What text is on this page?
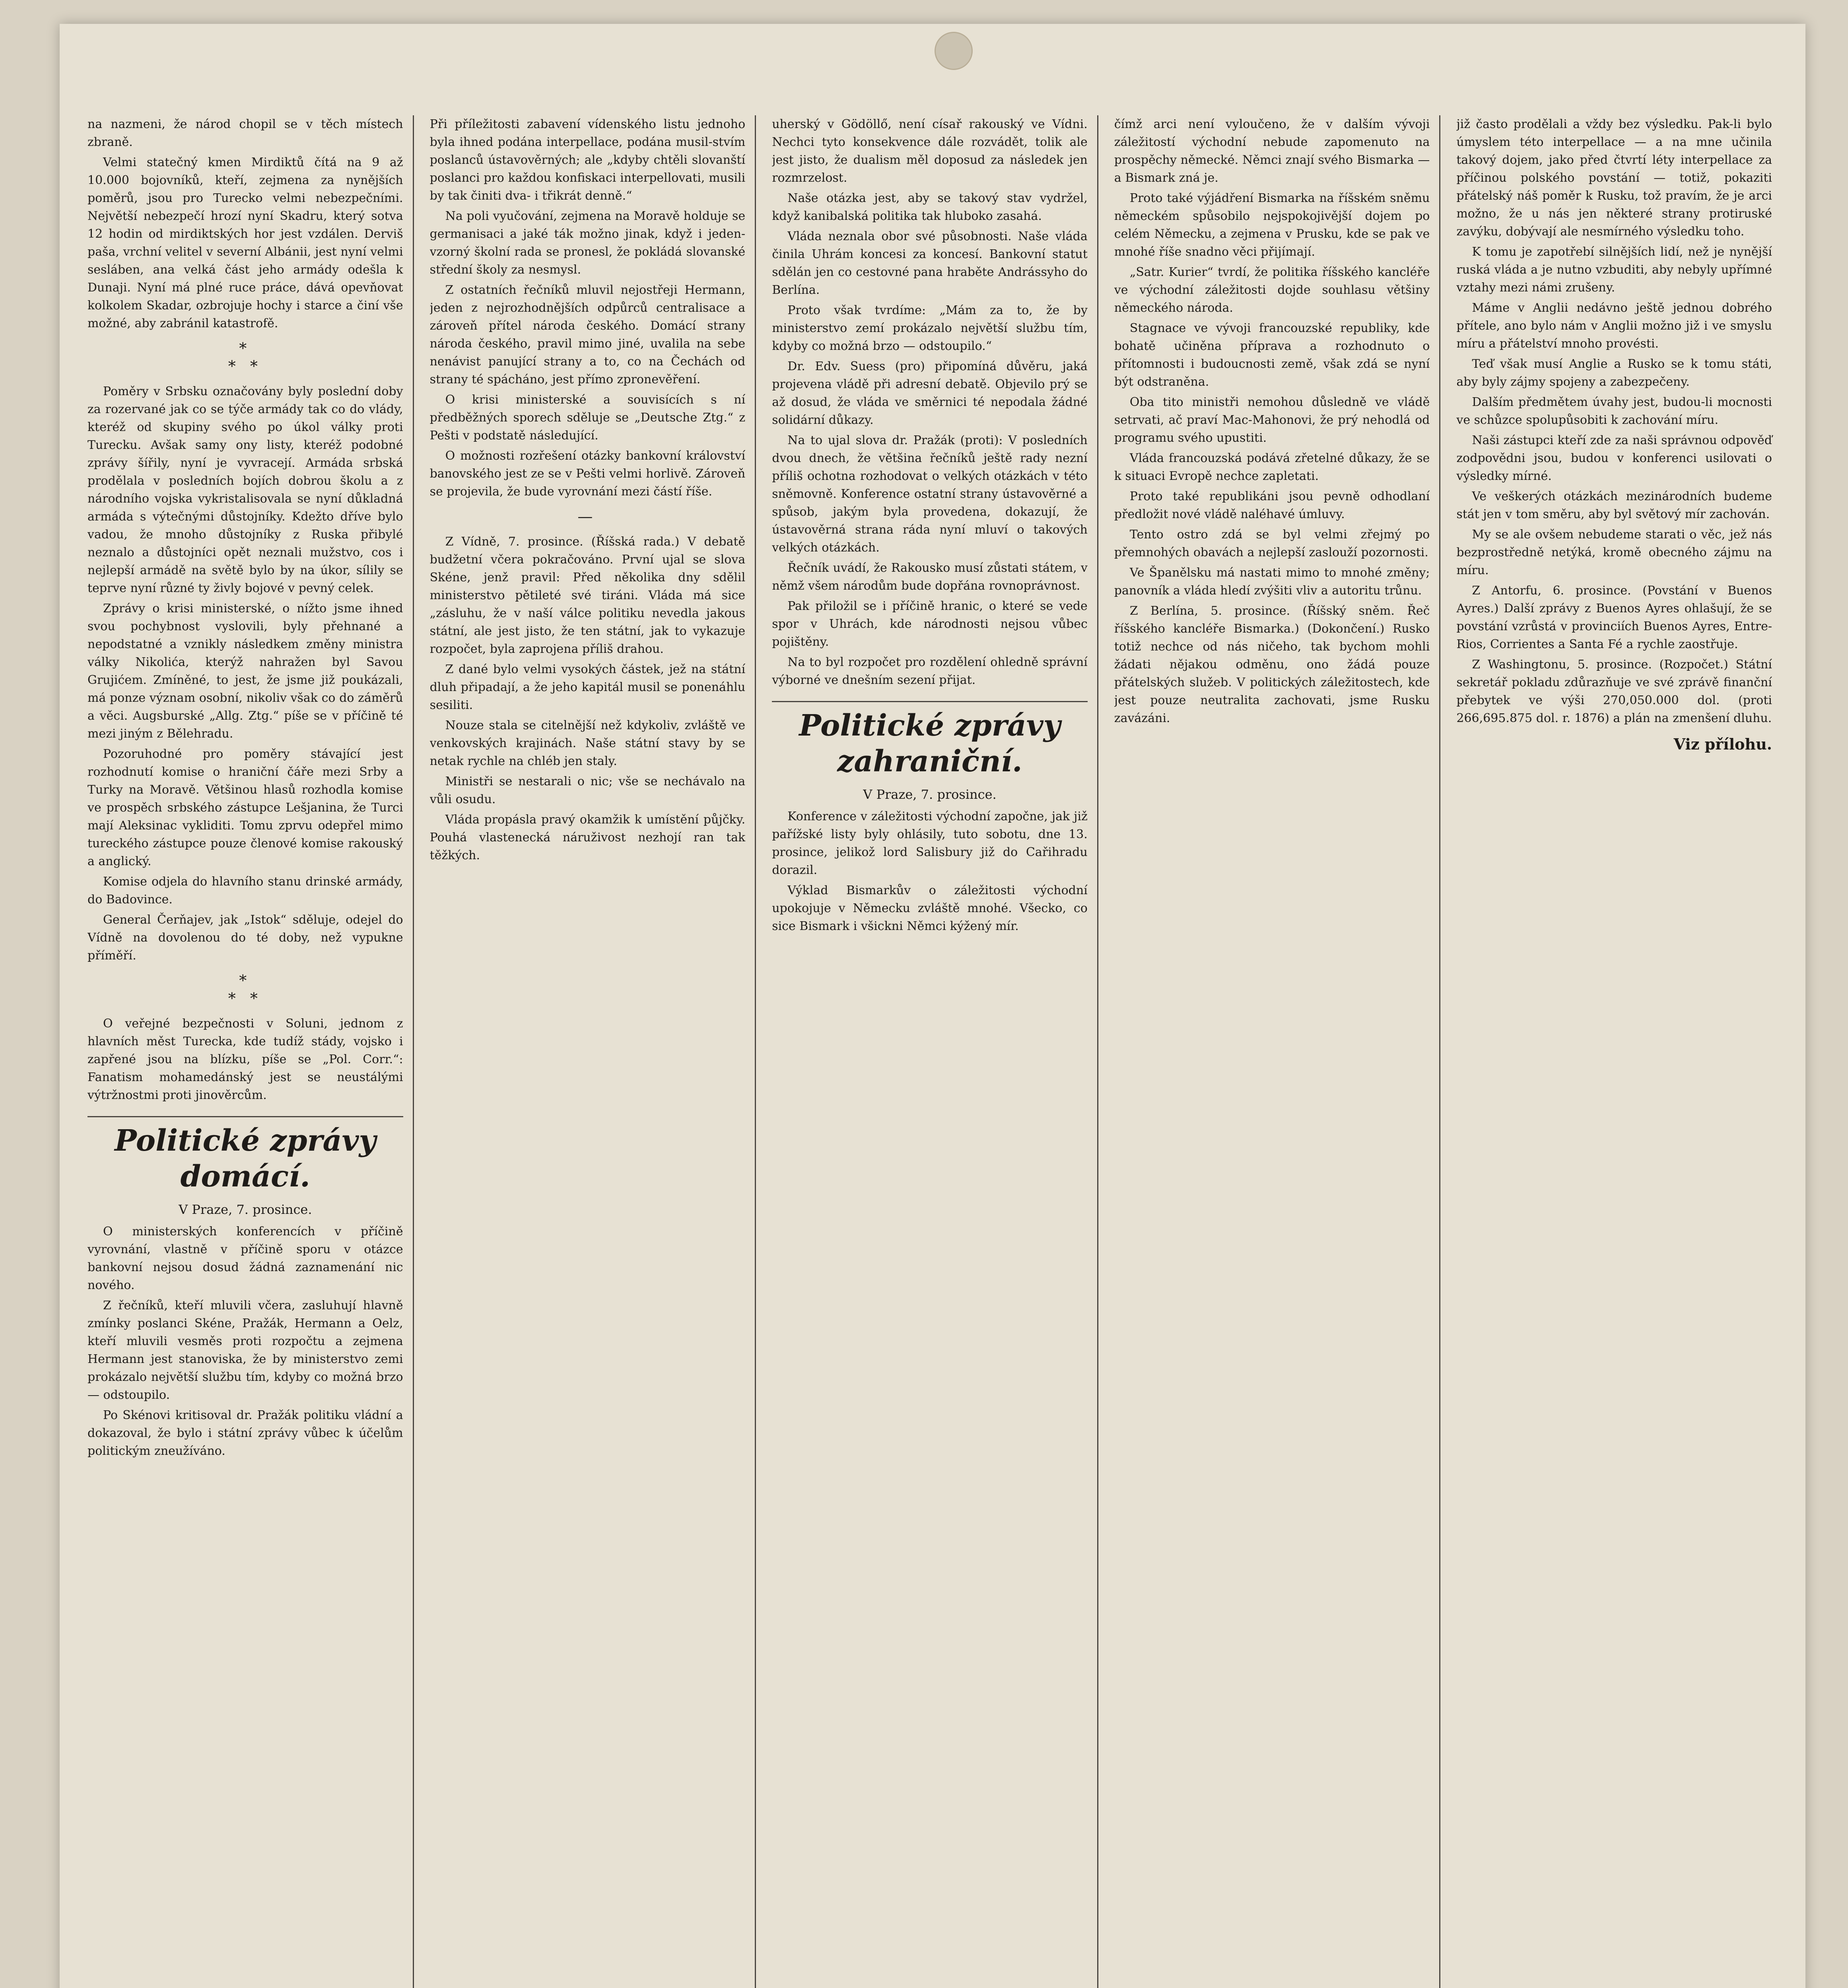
na nazmeni, že národ chopil se v těch místech zbraně.

Velmi statečný kmen Mirdiktů čítá na 9 až 10.000 bojovníků, kteří, zejmena za nynějších poměrů, jsou pro Turecko velmi nebezpečními. Největší nebezpečí hrozí nyní Skadru, který sotva 12 hodin od mirdiktských hor jest vzdálen. Derviš paša, vrchní velitel v severní Albánii, jest nyní velmi sesláben, ana velká část jeho armády odešla k Dunaji. Nyní má plné ruce práce, dává opevňovat kolkolem Skadar, ozbrojuje hochy i starce a činí vše možné, aby zabránil katastrofě.

*
* *

Poměry v Srbsku označovány byly poslední doby za rozervané jak co se týče armády tak co do vlády, kteréž od skupiny svého po úkol války proti Turecku. Avšak samy ony listy, kteréž podobné zprávy šířily, nyní je vyvracejí. Armáda srbská prodělala v posledních bojích dobrou školu a z národního vojska vykristalisovala se nyní důkladná armáda s výtečnými důstojníky. Kdežto dříve bylo vadou, že mnoho důstojníky z Ruska přibylé neznalo a důstojníci opět neznali mužstvo, cos i nejlepší armádě na světě bylo by na úkor, sílily se teprve nyní různé ty živly bojové v pevný celek.

Zprávy o krisi ministerské, o nížto jsme ihned svou pochybnost vyslovili, byly přehnané a nepodstatné a vznikly následkem změny ministra války Nikolića, kterýž nahražen byl Savou Grujićem. Zmíněné, to jest, že jsme již poukázali, má ponze význam osobní, nikoliv však co do záměrů a věci. Augsburské „Allg. Ztg.“ píše se v příčině té mezi jiným z Bělehradu.

Pozoruhodné pro poměry stávající jest rozhodnutí komise o hraniční čáře mezi Srby a Turky na Moravě. Většinou hlasů rozhodla komise ve prospěch srbského zástupce Lešjanina, že Turci mají Aleksinac vykliditi. Tomu zprvu odepřel mimo tureckého zástupce pouze členové komise rakouský a anglický.

Komise odjela do hlavního stanu drinské armády, do Badovince.

General Čerňajev, jak „Istok“ sděluje, odejel do Vídně na dovolenou do té doby, než vypukne příměří.

*
* *

O veřejné bezpečnosti v Soluni, jednom z hlavních měst Turecka, kde tudíž stády, vojsko i zapřené jsou na blízku, píše se „Pol. Corr.“: Fanatism mohamedánský jest se neustálými výtržnostmi proti jinověrcům.

Politické zprávy domácí.
V Praze, 7. prosince.

O ministerských konferencích v příčině vyrovnání, vlastně v příčině sporu v otázce bankovní nejsou dosud žádná zaznamenání nic nového.

Z řečníků, kteří mluvili včera, zasluhují hlavně zmínky poslanci Skéne, Pražák, Hermann a Oelz, kteří mluvili vesměs proti rozpočtu a zejmena Hermann jest stanoviska, že by ministerstvo zemi prokázalo největší službu tím, kdyby co možná brzo — odstoupilo.

Po Skénovi kritisoval dr. Pražák politiku vládní a dokazoval, že bylo i státní zprávy vůbec k účelům politickým zneužíváno.

Při příležitosti zabavení vídenského listu jednoho byla ihned podána interpellace, podána musil-stvím poslanců ústavověrných; ale „kdyby chtěli slovanští poslanci pro každou konfiskaci interpellovati, musili by tak činiti dva- i třikrát denně.“

Na poli vyučování, zejmena na Moravě holduje se germanisaci a jaké ták možno jinak, když i jeden-vzorný školní rada se pronesl, že pokládá slovanské střední školy za nesmysl.

Z ostatních řečníků mluvil nejostřeji Hermann, jeden z nejrozhodnějších odpůrců centralisace a zároveň přítel národa českého. Domácí strany národa českého, pravil mimo jiné, uvalila na sebe nenávist panující strany a to, co na Čechách od strany té spácháno, jest přímo zpronevěření.

O krisi ministerské a souvisících s ní předběžných sporech sděluje se „Deutsche Ztg.“ z Pešti v podstatě následující.

O možnosti rozřešení otázky bankovní království banovského jest ze se v Pešti velmi horlivě. Zároveň se projevila, že bude vyrovnání mezi částí říše.

—

Z Vídně, 7. prosince. (Říšská rada.) V debatě budžetní včera pokračováno. První ujal se slova Skéne, jenž pravil: Před několika dny sdělil ministerstvo pětileté své tiráni. Vláda má sice „zásluhu, že v naší válce politiku nevedla jakous státní, ale jest jisto, že ten státní, jak to vykazuje rozpočet, byla zaprojena příliš drahou.

Z dané bylo velmi vysokých částek, jež na státní dluh připadají, a že jeho kapitál musil se ponenáhlu sesiliti.

Nouze stala se citelnější než kdykoliv, zvláště ve venkovských krajinách. Naše státní stavy by se netak rychle na chléb jen staly.

Ministři se nestarali o nic; vše se nechávalo na vůli osudu.

Vláda propásla pravý okamžik k umístění půjčky. Pouhá vlastenecká náruživost nezhojí ran tak těžkých.

uherský v Gödöllő, není císař rakouský ve Vídni. Nechci tyto konsekvence dále rozvádět, tolik ale jest jisto, že dualism měl doposud za následek jen rozmrzelost.

Naše otázka jest, aby se takový stav vydržel, když kanibalská politika tak hluboko zasahá.

Vláda neznala obor své působnosti. Naše vláda činila Uhrám koncesi za koncesí. Bankovní statut sdělán jen co cestovné pana hraběte Andrássyho do Berlína.

Proto však tvrdíme: „Mám za to, že by ministerstvo zemí prokázalo největší službu tím, kdyby co možná brzo — odstoupilo.“

Dr. Edv. Suess (pro) připomíná důvěru, jaká projevena vládě při adresní debatě. Objevilo prý se až dosud, že vláda ve směrnici té nepodala žádné solidární důkazy.

Na to ujal slova dr. Pražák (proti): V posledních dvou dnech, že většina řečníků ještě rady nezní příliš ochotna rozhodovat o velkých otázkách v této sněmovně. Konference ostatní strany ústavověrné a spůsob, jakým byla provedena, dokazují, že ústavověrná strana ráda nyní mluví o takových velkých otázkách.

Řečník uvádí, že Rakousko musí zůstati státem, v němž všem národům bude dopřána rovnoprávnost.

Pak přiložil se i příčině hranic, o které se vede spor v Uhrách, kde národnosti nejsou vůbec pojištěny.

Na to byl rozpočet pro rozdělení ohledně správní výborné ve dnešním sezení přijat.

Politické zprávy zahraniční.
V Praze, 7. prosince.

Konference v záležitosti východní započne, jak již pařížské listy byly ohlásily, tuto sobotu, dne 13. prosince, jelikož lord Salisbury již do Cařihradu dorazil.

Výklad Bismarkův o záležitosti východní upokojuje v Německu zvláště mnohé. Všecko, co sice Bismark i všickni Němci kýžený mír.

čímž arci není vyloučeno, že v dalším vývoji záležitostí východní nebude zapomenuto na prospěchy německé. Němci znají svého Bismarka — a Bismark zná je.

Proto také výjádření Bismarka na říšském sněmu německém spůsobilo nejspokojivější dojem po celém Německu, a zejmena v Prusku, kde se pak ve mnohé říše snadno věci přijímají.

„Satr. Kurier“ tvrdí, že politika říšského kancléře ve východní záležitosti dojde souhlasu většiny německého národa.

Stagnace ve vývoji francouzské republiky, kde bohatě učiněna příprava a rozhodnuto o přítomnosti i budoucnosti země, však zdá se nyní být odstraněna.

Oba tito ministři nemohou důsledně ve vládě setrvati, ač praví Mac-Mahonovi, že prý nehodlá od programu svého upustiti.

Vláda francouzská podává zřetelné důkazy, že se k situaci Evropě nechce zapletati.

Proto také republikáni jsou pevně odhodlaní předložit nové vládě naléhavé úmluvy.

Tento ostro zdá se byl velmi zřejmý po přemnohých obavách a nejlepší zaslouží pozornosti.

Ve Španělsku má nastati mimo to mnohé změny; panovník a vláda hledí zvýšiti vliv a autoritu trůnu.

Z Berlína, 5. prosince. (Říšský sněm. Řeč říšského kancléře Bismarka.) (Dokončení.) Rusko totiž nechce od nás ničeho, tak bychom mohli žádati nějakou odměnu, ono žádá pouze přátelských služeb. V politických záležitostech, kde jest pouze neutralita zachovati, jsme Rusku zavázáni.

již často prodělali a vždy bez výsledku. Pak-li bylo úmyslem této interpellace — a na mne učinila takový dojem, jako před čtvrtí léty interpellace za příčinou polského povstání — totiž, pokaziti přátelský náš poměr k Rusku, tož pravím, že je arci možno, že u nás jen některé strany protiruské zavýku, dobývají ale nesmírného výsledku toho.

K tomu je zapotřebí silnějších lidí, než je nynější ruská vláda a je nutno vzbuditi, aby nebyly upřímné vztahy mezi námi zrušeny.

Máme v Anglii nedávno ještě jednou dobrého přítele, ano bylo nám v Anglii možno již i ve smyslu míru a přátelství mnoho provésti.

Teď však musí Anglie a Rusko se k tomu státi, aby byly zájmy spojeny a zabezpečeny.

Dalším předmětem úvahy jest, budou-li mocnosti ve schůzce spolupůsobiti k zachování míru.

Naši zástupci kteří zde za naši správnou odpověď zodpovědni jsou, budou v konferenci usilovati o výsledky mírné.

Ve veškerých otázkách mezinárodních budeme stát jen v tom směru, aby byl světový mír zachován.

My se ale ovšem nebudeme starati o věc, jež nás bezprostředně netýká, kromě obecného zájmu na míru.

Z Antorfu, 6. prosince. (Povstání v Buenos Ayres.) Další zprávy z Buenos Ayres ohlašují, že se povstání vzrůstá v provinciích Buenos Ayres, Entre-Rios, Corrientes a Santa Fé a rychle zaostřuje.

Z Washingtonu, 5. prosince. (Rozpočet.) Státní sekretář pokladu zdůrazňuje ve své zprávě finanční přebytek ve výši 270,050.000 dol. (proti 266,695.875 dol. r. 1876) a plán na zmenšení dluhu.

Viz přílohu.
